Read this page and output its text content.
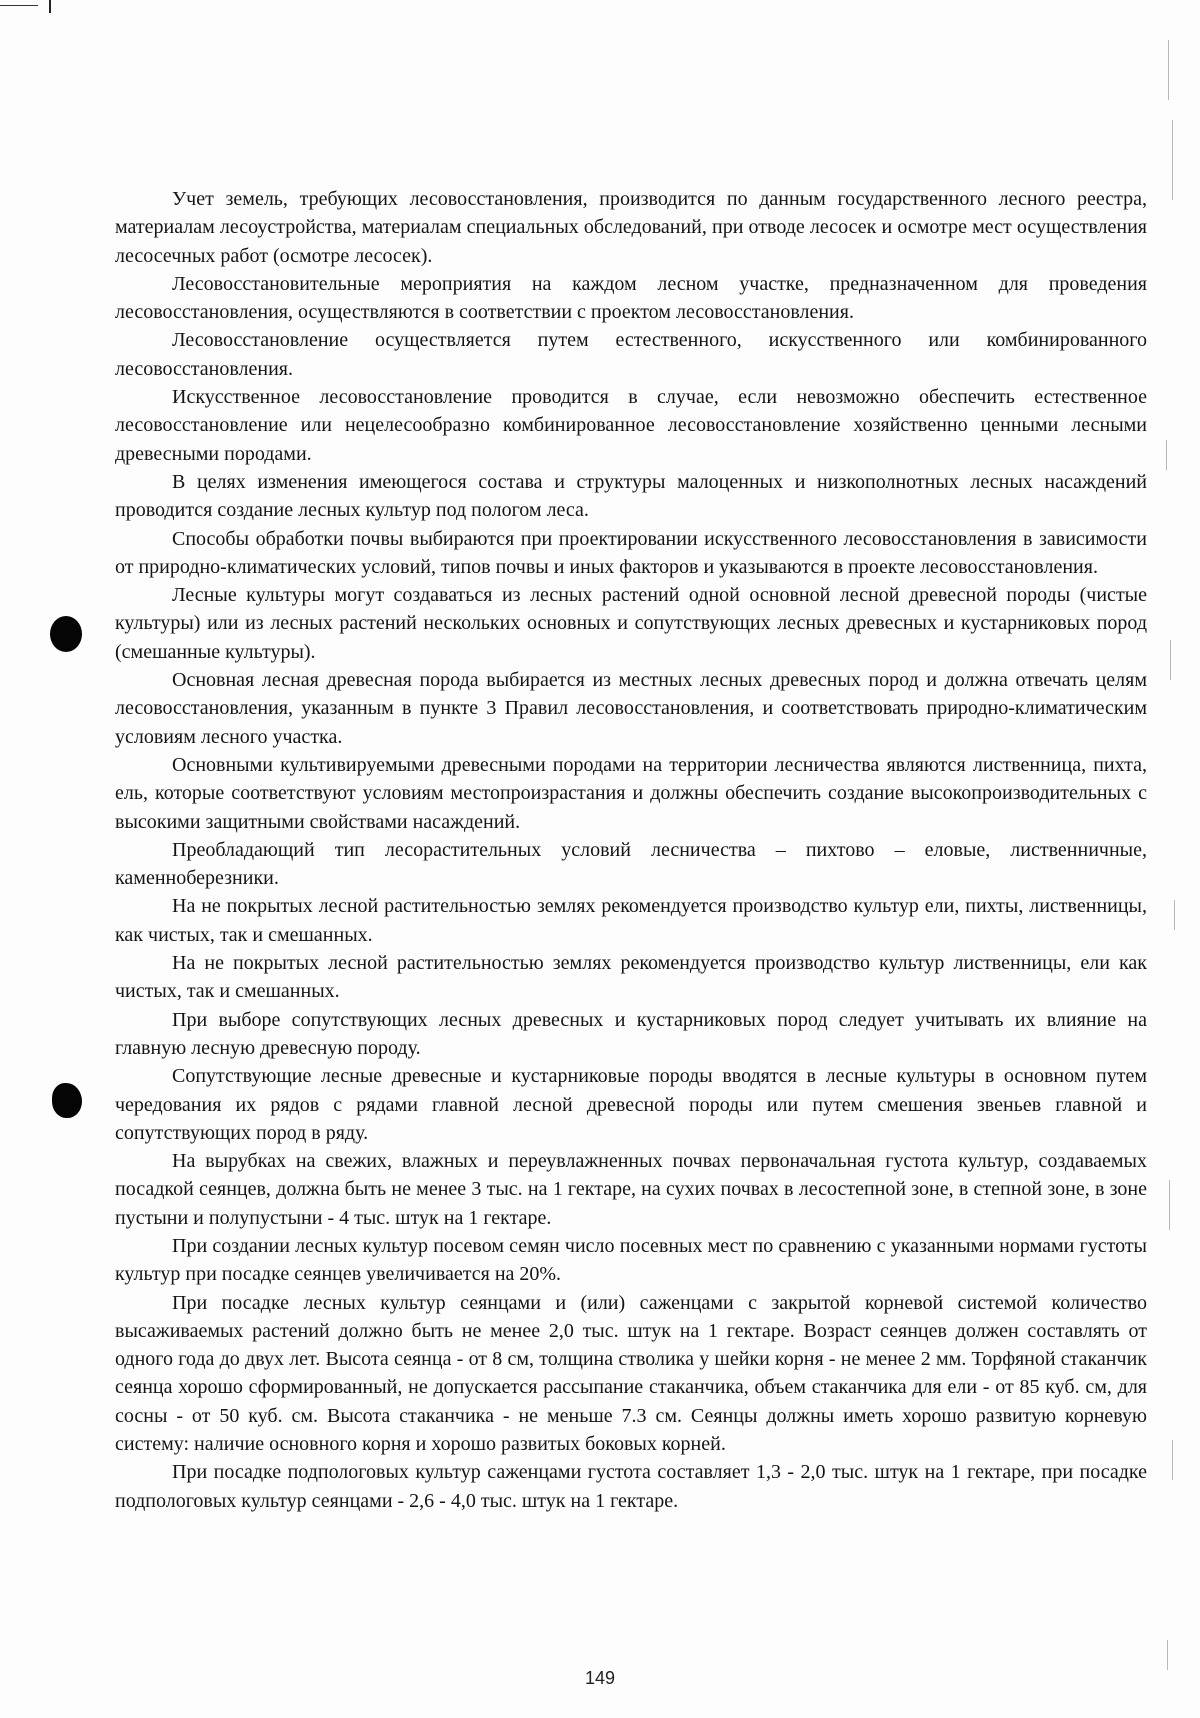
Учет земель, требующих лесовосстановления, производится по данным государственного лесного реестра, материалам лесоустройства, материалам специальных обследований, при отводе лесосек и осмотре мест осуществления лесосечных работ (осмотре лесосек).

Лесовосстановительные мероприятия на каждом лесном участке, предназначенном для проведения лесовосстановления, осуществляются в соответствии с проектом лесовосстановления.

Лесовосстановление осуществляется путем естественного, искусственного или комбинированного лесовосстановления.

Искусственное лесовосстановление проводится в случае, если невозможно обеспечить естественное лесовосстановление или нецелесообразно комбинированное лесовосстановление хозяйственно ценными лесными древесными породами.

В целях изменения имеющегося состава и структуры малоценных и низкополнотных лесных насаждений проводится создание лесных культур под пологом леса.

Способы обработки почвы выбираются при проектировании искусственного лесовосстановления в зависимости от природно-климатических условий, типов почвы и иных факторов и указываются в проекте лесовосстановления.

Лесные культуры могут создаваться из лесных растений одной основной лесной древесной породы (чистые культуры) или из лесных растений нескольких основных и сопутствующих лесных древесных и кустарниковых пород (смешанные культуры).

Основная лесная древесная порода выбирается из местных лесных древесных пород и должна отвечать целям лесовосстановления, указанным в пункте 3 Правил лесовосстановления, и соответствовать природно-климатическим условиям лесного участка.

Основными культивируемыми древесными породами на территории лесничества являются лиственница, пихта, ель, которые соответствуют условиям местопроизрастания и должны обеспечить создание высокопроизводительных с высокими защитными свойствами насаждений.

Преобладающий тип лесорастительных условий лесничества – пихтово – еловые, лиственничные, каменноберезники.

На не покрытых лесной растительностью землях рекомендуется производство культур ели, пихты, лиственницы, как чистых, так и смешанных.

На не покрытых лесной растительностью землях рекомендуется производство культур лиственницы, ели как чистых, так и смешанных.

При выборе сопутствующих лесных древесных и кустарниковых пород следует учитывать их влияние на главную лесную древесную породу.

Сопутствующие лесные древесные и кустарниковые породы вводятся в лесные культуры в основном путем чередования их рядов с рядами главной лесной древесной породы или путем смешения звеньев главной и сопутствующих пород в ряду.

На вырубках на свежих, влажных и переувлажненных почвах первоначальная густота культур, создаваемых посадкой сеянцев, должна быть не менее 3 тыс. на 1 гектаре, на сухих почвах в лесостепной зоне, в степной зоне, в зоне пустыни и полупустыни - 4 тыс. штук на 1 гектаре.

При создании лесных культур посевом семян число посевных мест по сравнению с указанными нормами густоты культур при посадке сеянцев увеличивается на 20%.

При посадке лесных культур сеянцами и (или) саженцами с закрытой корневой системой количество высаживаемых растений должно быть не менее 2,0 тыс. штук на 1 гектаре. Возраст сеянцев должен составлять от одного года до двух лет. Высота сеянца - от 8 см, толщина стволика у шейки корня - не менее 2 мм. Торфяной стаканчик сеянца хорошо сформированный, не допускается рассыпание стаканчика, объем стаканчика для ели - от 85 куб. см, для сосны - от 50 куб. см. Высота стаканчика - не меньше 7.3 см. Сеянцы должны иметь хорошо развитую корневую систему: наличие основного корня и хорошо развитых боковых корней.

При посадке подпологовых культур саженцами густота составляет 1,3 - 2,0 тыс. штук на 1 гектаре, при посадке подпологовых культур сеянцами - 2,6 - 4,0 тыс. штук на 1 гектаре.

149
